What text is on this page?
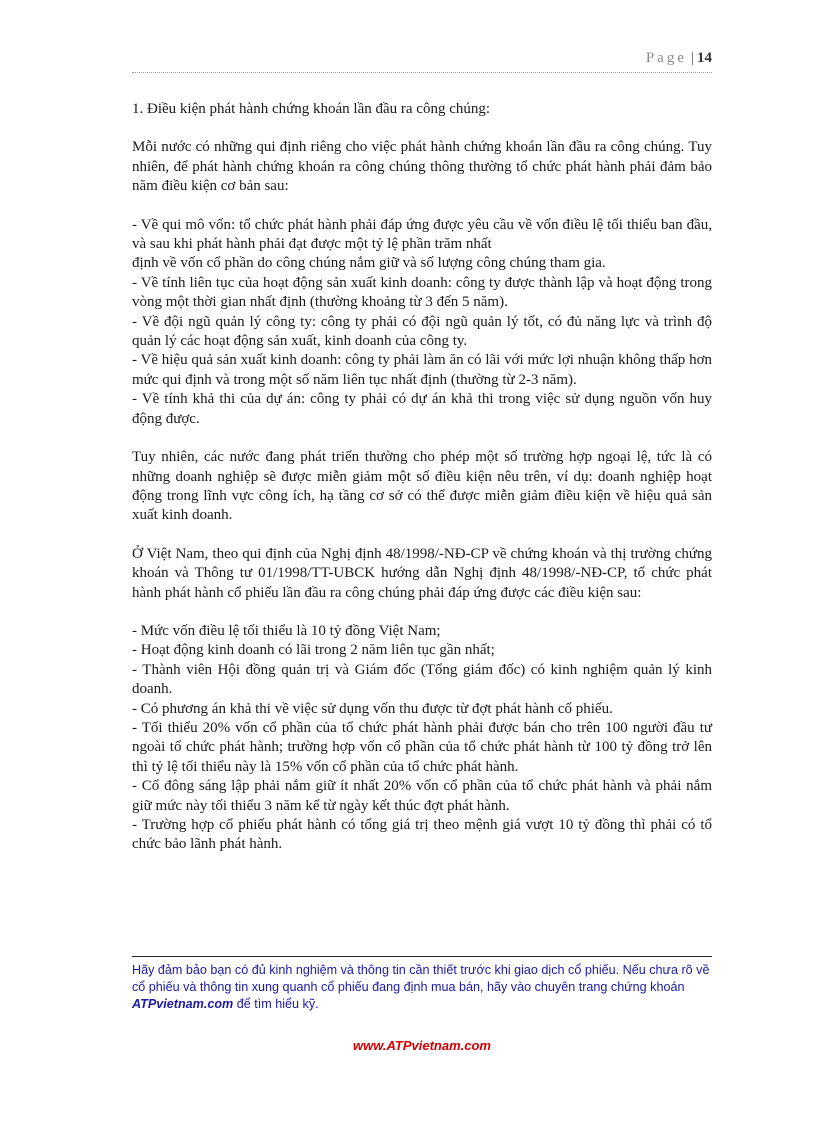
Page | 14

1. Điều kiện phát hành chứng khoán lần đầu ra công chúng:

Mỗi nước có những qui định riêng cho việc phát hành chứng khoán lần đầu ra công chúng. Tuy nhiên, để phát hành chứng khoán ra công chúng thông thường tổ chức phát hành phải đảm bảo năm điều kiện cơ bản sau:

- Về qui mô vốn: tổ chức phát hành phải đáp ứng được yêu cầu về vốn điều lệ tối thiểu ban đầu, và sau khi phát hành phải đạt được một tỷ lệ phần trăm nhất

định về vốn cổ phần do công chúng nắm giữ và số lượng công chúng tham gia.

- Về tính liên tục của hoạt động sản xuất kinh doanh: công ty được thành lập và hoạt động trong vòng một thời gian nhất định (thường khoảng từ 3 đến 5 năm).

- Về đội ngũ quản lý công ty: công ty phải có đội ngũ quản lý tốt, có đủ năng lực và trình độ quản lý các hoạt động sản xuất, kinh doanh của công ty.

- Về hiệu quả sản xuất kinh doanh: công ty phải làm ăn có lãi với mức lợi nhuận không thấp hơn mức qui định và trong một số năm liên tục nhất định (thường từ 2-3 năm).

- Về tính khả thi của dự án: công ty phải có dự án khả thi trong việc sử dụng nguồn vốn huy động được.

Tuy nhiên, các nước đang phát triển thường cho phép một số trường hợp ngoại lệ, tức là có những doanh nghiệp sẽ được miễn giảm một số điều kiện nêu trên, ví dụ: doanh nghiệp hoạt động trong lĩnh vực công ích, hạ tầng cơ sở có thể được miễn giảm điều kiện về hiệu quả sản xuất kinh doanh.

Ở Việt Nam, theo qui định của Nghị định 48/1998/-NĐ-CP về chứng khoán và thị trường chứng khoán và Thông tư 01/1998/TT-UBCK hướng dẫn Nghị định 48/1998/-NĐ-CP, tổ chức phát hành phát hành cổ phiếu lần đầu ra công chúng phải đáp ứng được các điều kiện sau:

- Mức vốn điều lệ tối thiểu là 10 tỷ đồng Việt Nam;

- Hoạt động kinh doanh có lãi trong 2 năm liên tục gần nhất;

- Thành viên Hội đồng quản trị và Giám đốc (Tổng giám đốc) có kinh nghiệm quản lý kinh doanh.

- Có phương án khả thi về việc sử dụng vốn thu được từ đợt phát hành cổ phiếu.

- Tối thiểu 20% vốn cổ phần của tổ chức phát hành phải được bán cho trên 100 người đầu tư ngoài tổ chức phát hành; trường hợp vốn cổ phần của tổ chức phát hành từ 100 tỷ đồng trở lên thì tỷ lệ tối thiểu này là 15% vốn cổ phần của tổ chức phát hành.

- Cổ đông sáng lập phải nắm giữ ít nhất 20% vốn cổ phần của tổ chức phát hành và phải nắm giữ mức này tối thiểu 3 năm kể từ ngày kết thúc đợt phát hành.

- Trường hợp cổ phiếu phát hành có tổng giá trị theo mệnh giá vượt 10 tỷ đồng thì phải có tổ chức bảo lãnh phát hành.

Hãy đảm bảo bạn có đủ kinh nghiệm và thông tin cần thiết trước khi giao dịch cổ phiếu. Nếu chưa rõ về cổ phiếu và thông tin xung quanh cổ phiếu đang định mua bán, hãy vào chuyên trang chứng khoán ATPvietnam.com để tìm hiểu kỹ.
www.ATPvietnam.com
